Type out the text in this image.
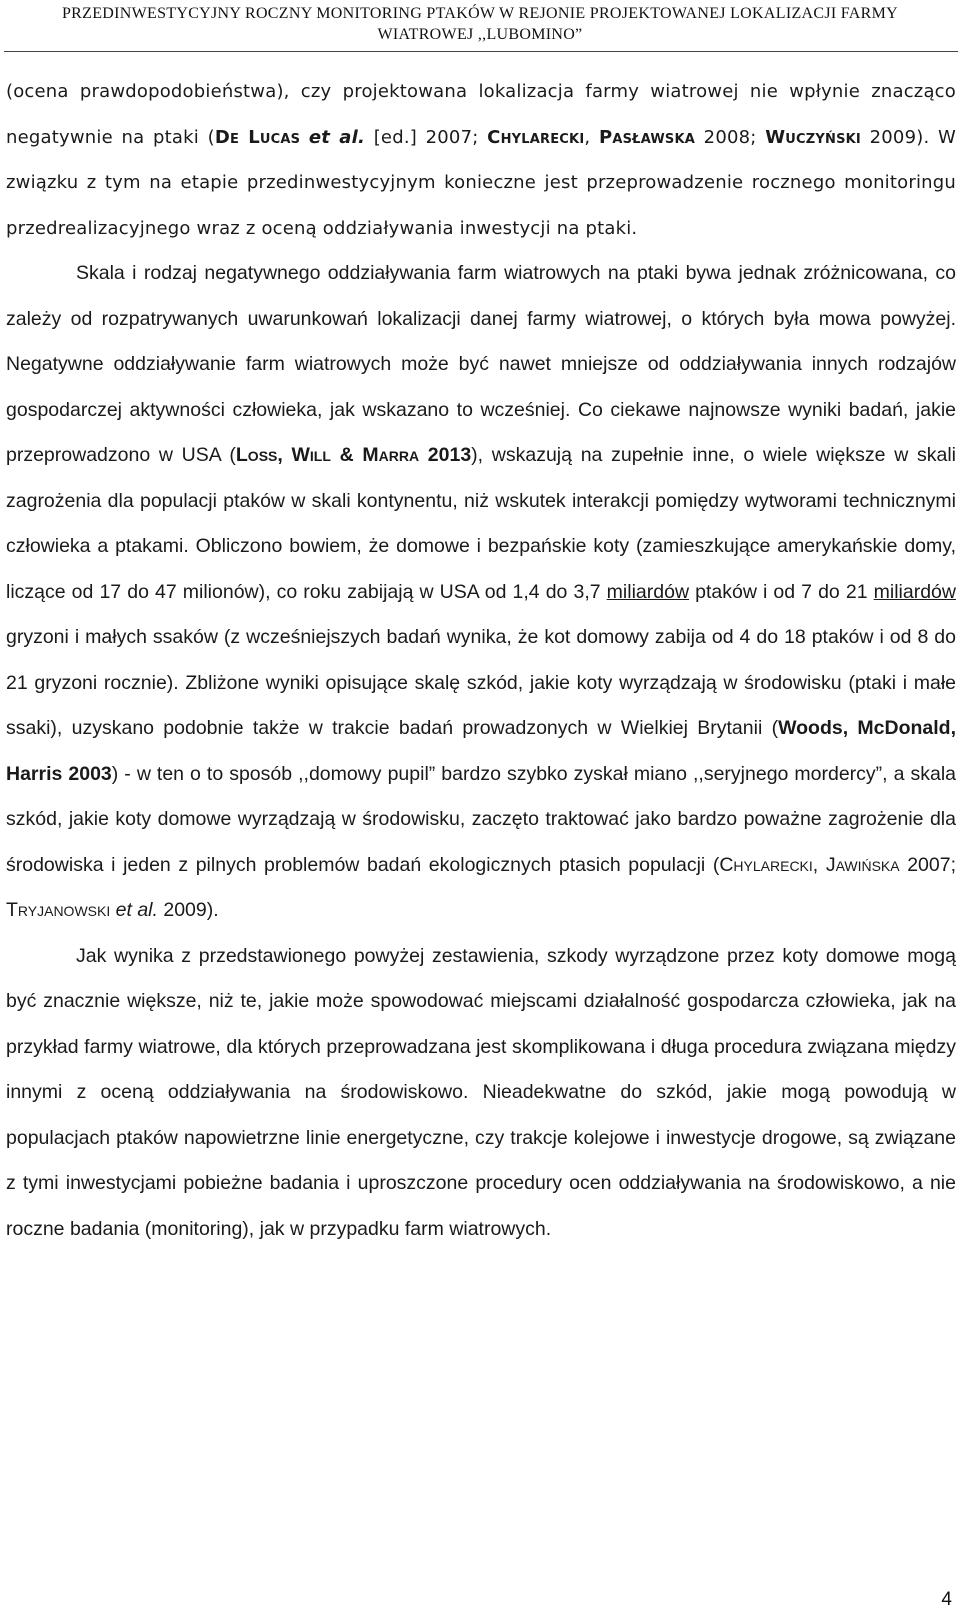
PRZEDINWESTYCYJNY ROCZNY MONITORING PTAKÓW W REJONIE PROJEKTOWANEJ LOKALIZACJI FARMY
WIATROWEJ ,,LUBOMINO”

(ocena prawdopodobieństwa), czy projektowana lokalizacja farmy wiatrowej nie wpłynie znacząco negatywnie na ptaki (De Lucas et al. [ed.] 2007; Chylarecki, Pasławska 2008; Wuczyński 2009). W związku z tym na etapie przedinwestycyjnym konieczne jest przeprowadzenie rocznego monitoringu przedrealizacyjnego wraz z oceną oddziaływania inwestycji na ptaki.

Skala i rodzaj negatywnego oddziaływania farm wiatrowych na ptaki bywa jednak zróżnicowana, co zależy od rozpatrywanych uwarunkowań lokalizacji danej farmy wiatrowej, o których była mowa powyżej. Negatywne oddziaływanie farm wiatrowych może być nawet mniejsze od oddziaływania innych rodzajów gospodarczej aktywności człowieka, jak wskazano to wcześniej. Co ciekawe najnowsze wyniki badań, jakie przeprowadzono w USA (Loss, Will & Marra 2013), wskazują na zupełnie inne, o wiele większe w skali zagrożenia dla populacji ptaków w skali kontynentu, niż wskutek interakcji pomiędzy wytworami technicznymi człowieka a ptakami. Obliczono bowiem, że domowe i bezpańskie koty (zamieszkujące amerykańskie domy, liczące od 17 do 47 milionów), co roku zabijają w USA od 1,4 do 3,7 miliardów ptaków i od 7 do 21 miliardów gryzoni i małych ssaków (z wcześniejszych badań wynika, że kot domowy zabija od 4 do 18 ptaków i od 8 do 21 gryzoni rocznie). Zbliżone wyniki opisujące skalę szkód, jakie koty wyrządzają w środowisku (ptaki i małe ssaki), uzyskano podobnie także w trakcie badań prowadzonych w Wielkiej Brytanii (Woods, McDonald, Harris 2003) - w ten o to sposób ,,domowy pupil” bardzo szybko zyskał miano ,,seryjnego mordercy”, a skala szkód, jakie koty domowe wyrządzają w środowisku, zaczęto traktować jako bardzo poważne zagrożenie dla środowiska i jeden z pilnych problemów badań ekologicznych ptasich populacji (Chylarecki, Jawińska 2007; Tryjanowski et al. 2009).

Jak wynika z przedstawionego powyżej zestawienia, szkody wyrządzone przez koty domowe mogą być znacznie większe, niż te, jakie może spowodować miejscami działalność gospodarcza człowieka, jak na przykład farmy wiatrowe, dla których przeprowadzana jest skomplikowana i długa procedura związana między innymi z oceną oddziaływania na środowiskowo. Nieadekwatne do szkód, jakie mogą powodują w populacjach ptaków napowietrzne linie energetyczne, czy trakcje kolejowe i inwestycje drogowe, są związane z tymi inwestycjami pobieżne badania i uproszczone procedury ocen oddziaływania na środowiskowo, a nie roczne badania (monitoring), jak w przypadku farm wiatrowych.

4
